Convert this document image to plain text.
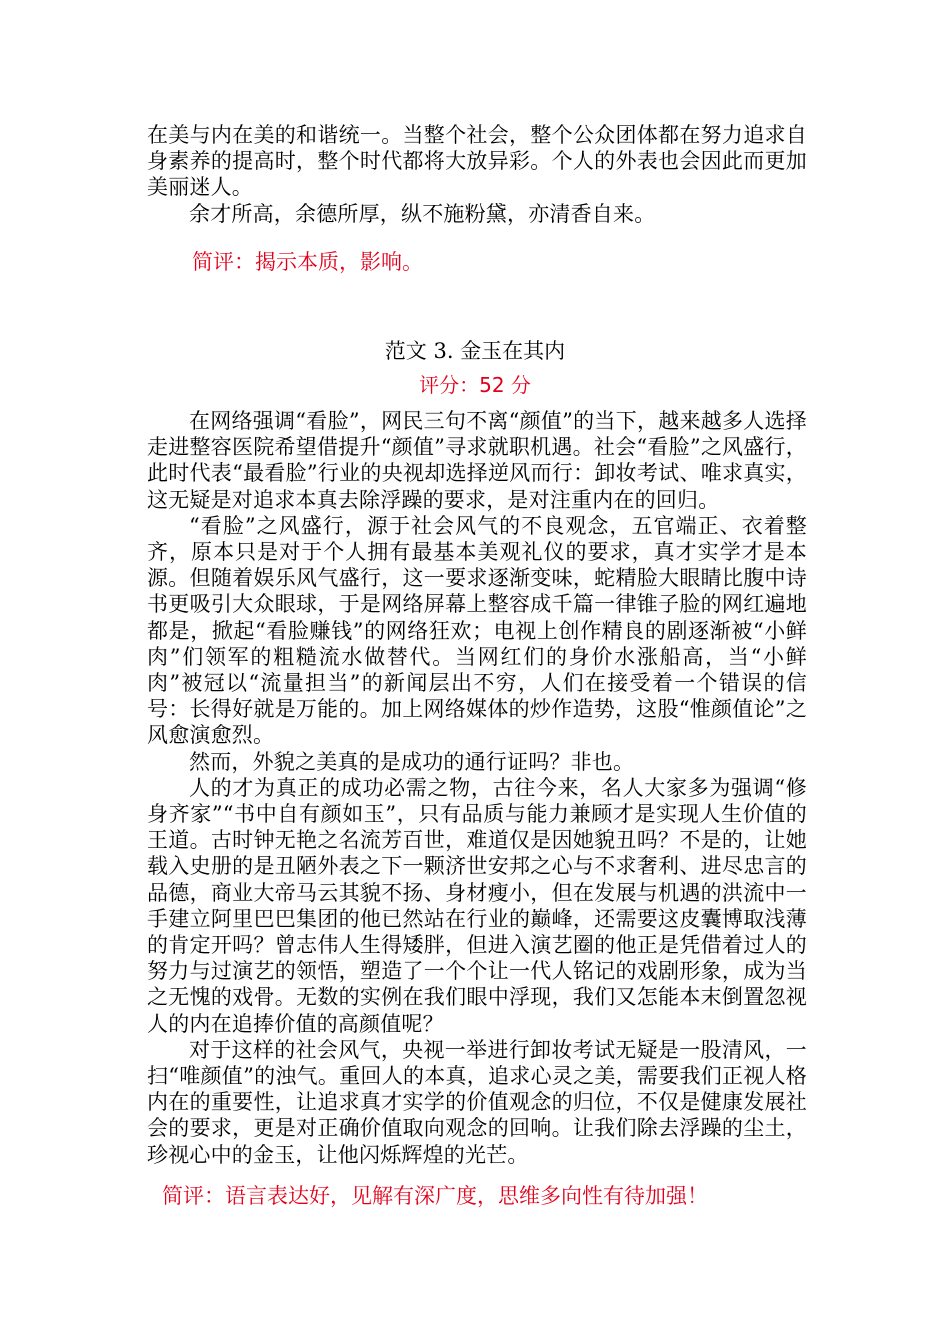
在美与内在美的和谐统一。当整个社会，整个公众团体都在努力追求自身素养的提高时，整个时代都将大放异彩。个人的外表也会因此而更加美丽迷人。

余才所高，余德所厚，纵不施粉黛，亦清香自来。

简评：揭示本质，影响。
范文 3. 金玉在其内
评分：52 分

在网络强调“看脸”，网民三句不离“颜值”的当下，越来越多人选择走进整容医院希望借提升“颜值”寻求就职机遇。社会“看脸”之风盛行，此时代表“最看脸”行业的央视却选择逆风而行：卸妆考试、唯求真实，这无疑是对追求本真去除浮躁的要求，是对注重内在的回归。

“看脸”之风盛行，源于社会风气的不良观念，五官端正、衣着整齐，原本只是对于个人拥有最基本美观礼仪的要求，真才实学才是本源。但随着娱乐风气盛行，这一要求逐渐变味，蛇精脸大眼睛比腹中诗书更吸引大众眼球，于是网络屏幕上整容成千篇一律锥子脸的网红遍地都是，掀起“看脸赚钱”的网络狂欢；电视上创作精良的剧逐渐被“小鲜肉”们领军的粗糙流水做替代。当网红们的身价水涨船高，当“小鲜肉”被冠以“流量担当”的新闻层出不穷，人们在接受着一个错误的信号：长得好就是万能的。加上网络媒体的炒作造势，这股“惟颜值论”之风愈演愈烈。

然而，外貌之美真的是成功的通行证吗？非也。

人的才为真正的成功必需之物，古往今来，名人大家多为强调“修身齐家”“书中自有颜如玉”，只有品质与能力兼顾才是实现人生价值的王道。古时钟无艳之名流芳百世，难道仅是因她貌丑吗？不是的，让她载入史册的是丑陋外表之下一颗济世安邦之心与不求奢利、进尽忠言的品德，商业大帝马云其貌不扬、身材瘦小，但在发展与机遇的洪流中一手建立阿里巴巴集团的他已然站在行业的巅峰，还需要这皮囊博取浅薄的肯定开吗？曾志伟人生得矮胖，但进入演艺圈的他正是凭借着过人的努力与过演艺的领悟，塑造了一个个让一代人铭记的戏剧形象，成为当之无愧的戏骨。无数的实例在我们眼中浮现，我们又怎能本末倒置忽视人的内在追捧价值的高颜值呢？

对于这样的社会风气，央视一举进行卸妆考试无疑是一股清风，一扫“唯颜值”的浊气。重回人的本真，追求心灵之美，需要我们正视人格内在的重要性，让追求真才实学的价值观念的归位，不仅是健康发展社会的要求，更是对正确价值取向观念的回响。让我们除去浮躁的尘土，珍视心中的金玉，让他闪烁辉煌的光芒。

简评：语言表达好，见解有深广度，思维多向性有待加强！
